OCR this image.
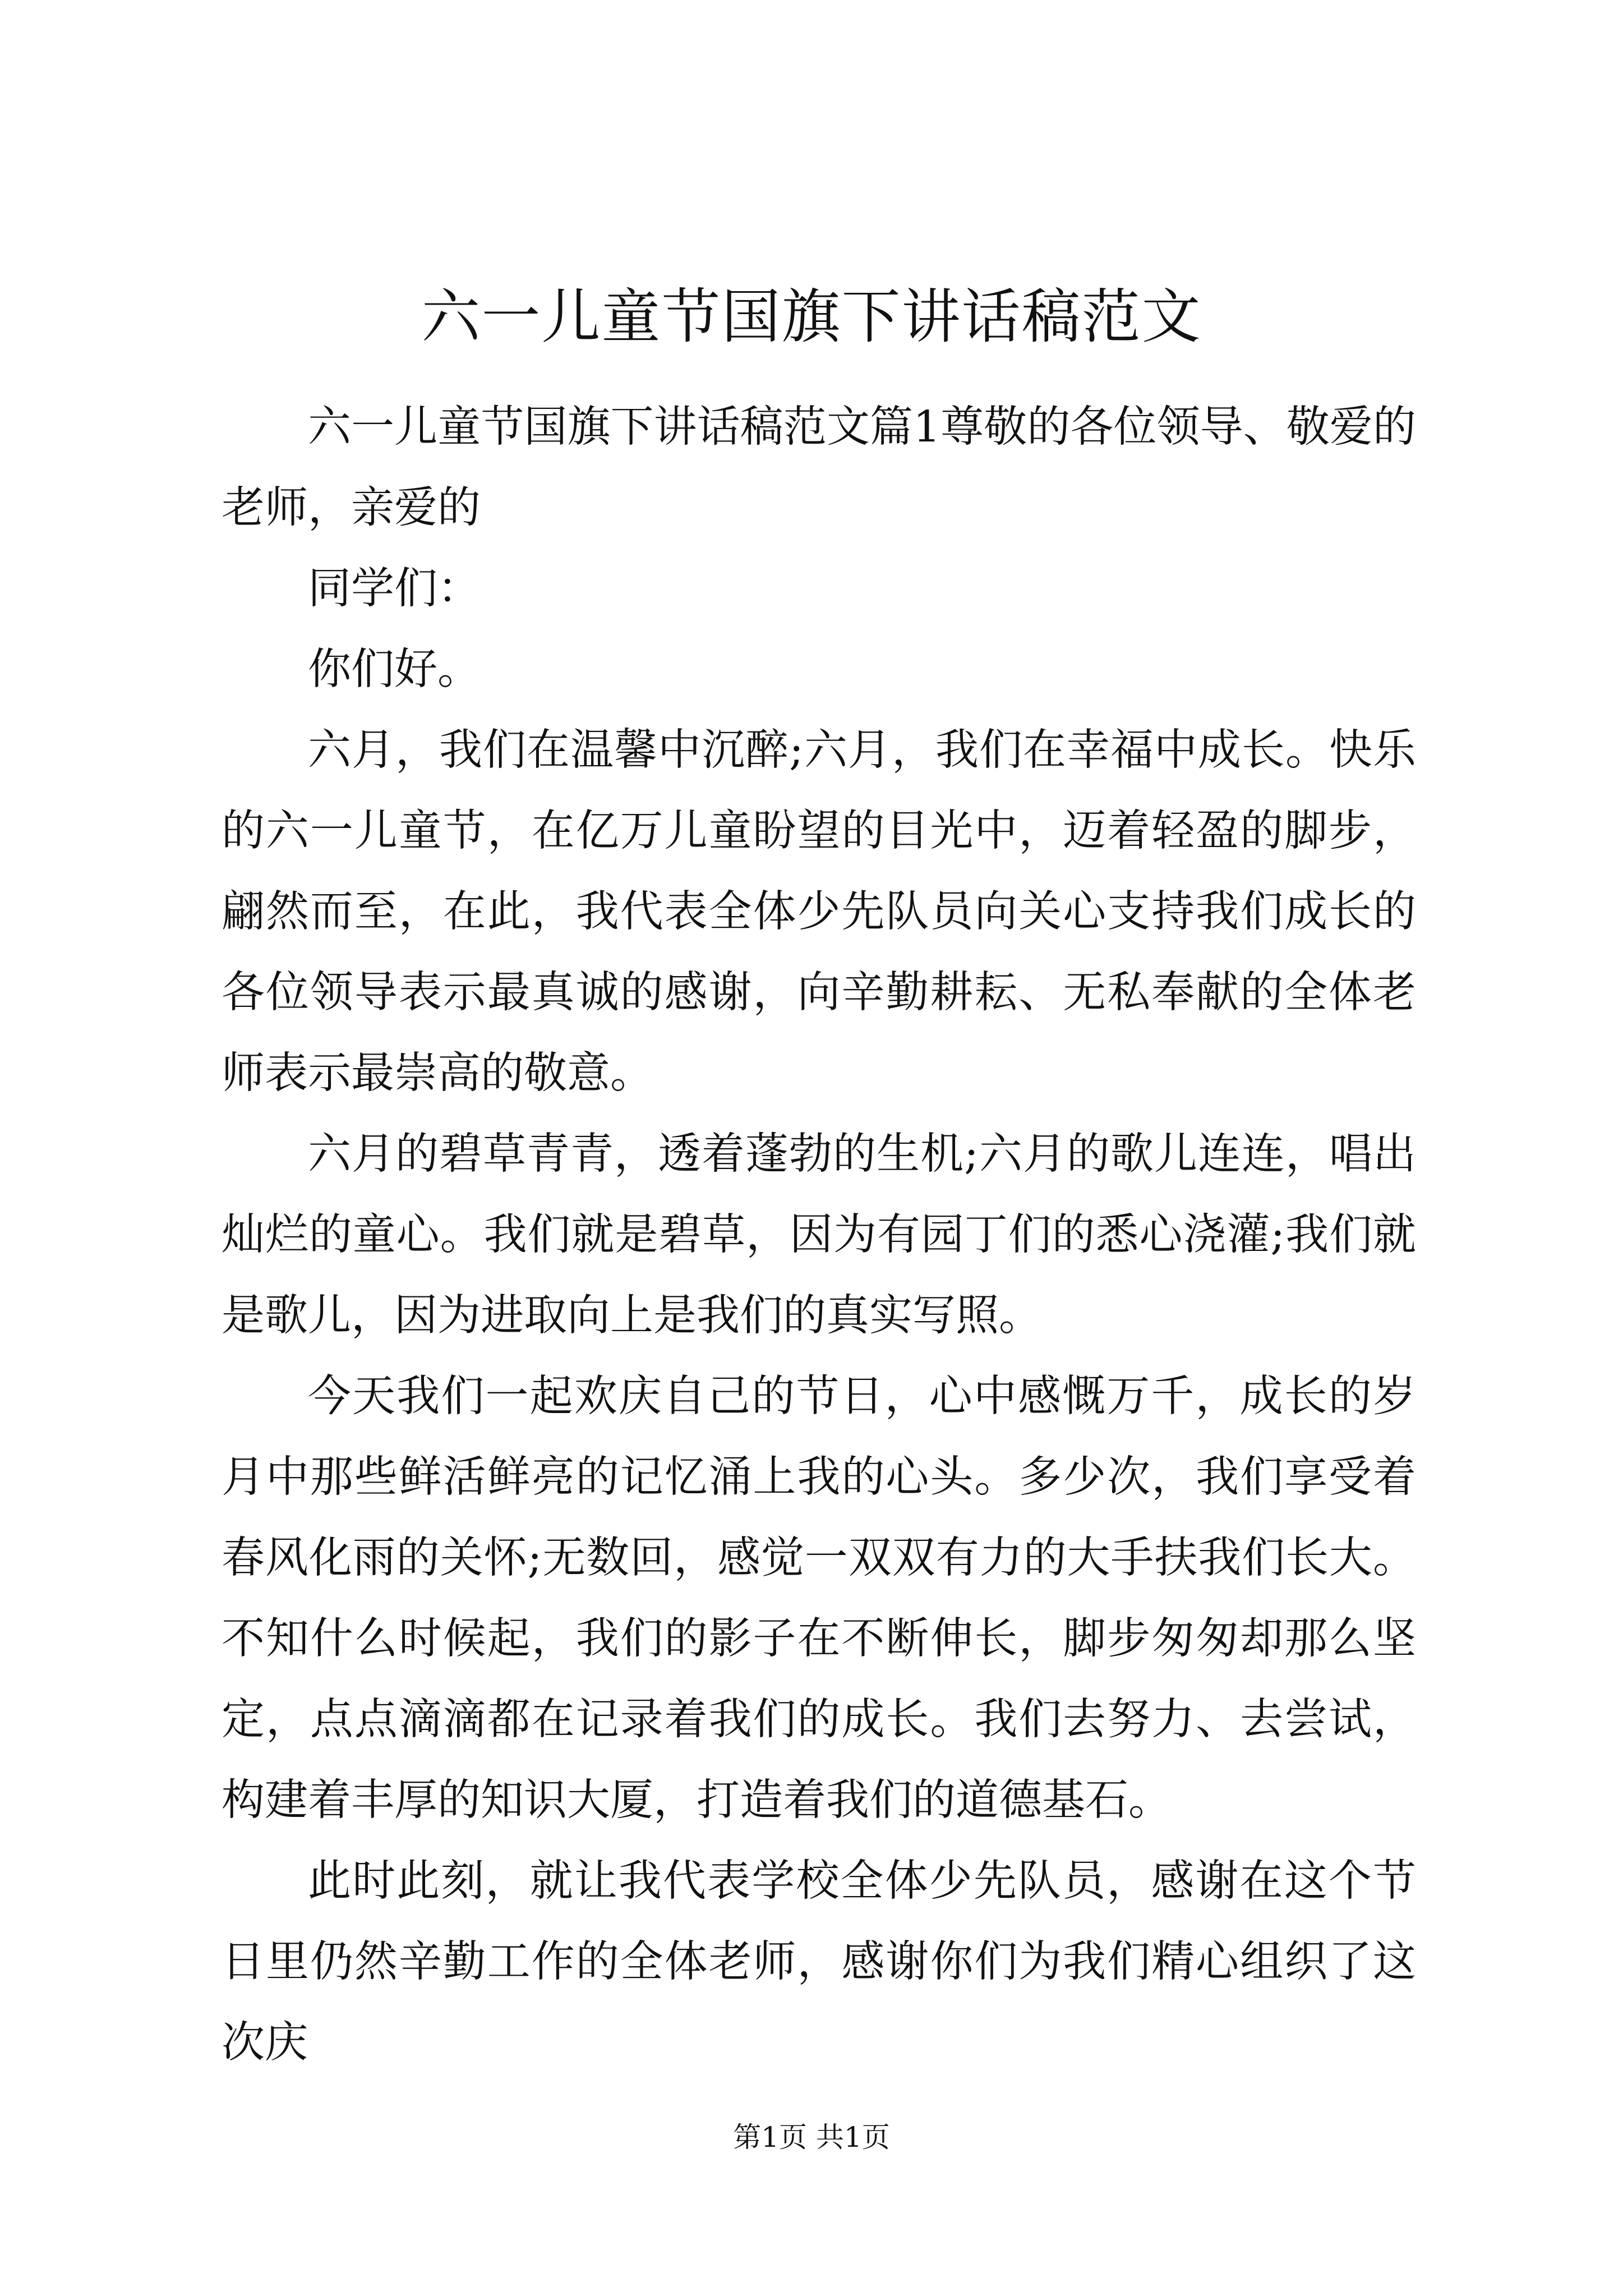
六一儿童节国旗下讲话稿范文

六一儿童节国旗下讲话稿范文篇1尊敬的各位领导、敬爱的老师，亲爱的

同学们：

你们好。

六月，我们在温馨中沉醉;六月，我们在幸福中成长。快乐的六一儿童节，在亿万儿童盼望的目光中，迈着轻盈的脚步，翩然而至，在此，我代表全体少先队员向关心支持我们成长的各位领导表示最真诚的感谢，向辛勤耕耘、无私奉献的全体老师表示最崇高的敬意。

六月的碧草青青，透着蓬勃的生机;六月的歌儿连连，唱出灿烂的童心。我们就是碧草，因为有园丁们的悉心浇灌;我们就是歌儿，因为进取向上是我们的真实写照。

今天我们一起欢庆自己的节日，心中感慨万千，成长的岁月中那些鲜活鲜亮的记忆涌上我的心头。多少次，我们享受着春风化雨的关怀;无数回，感觉一双双有力的大手扶我们长大。不知什么时候起，我们的影子在不断伸长，脚步匆匆却那么坚定，点点滴滴都在记录着我们的成长。我们去努力、去尝试，构建着丰厚的知识大厦，打造着我们的道德基石。

此时此刻，就让我代表学校全体少先队员，感谢在这个节日里仍然辛勤工作的全体老师，感谢你们为我们精心组织了这次庆

第1页 共1页
